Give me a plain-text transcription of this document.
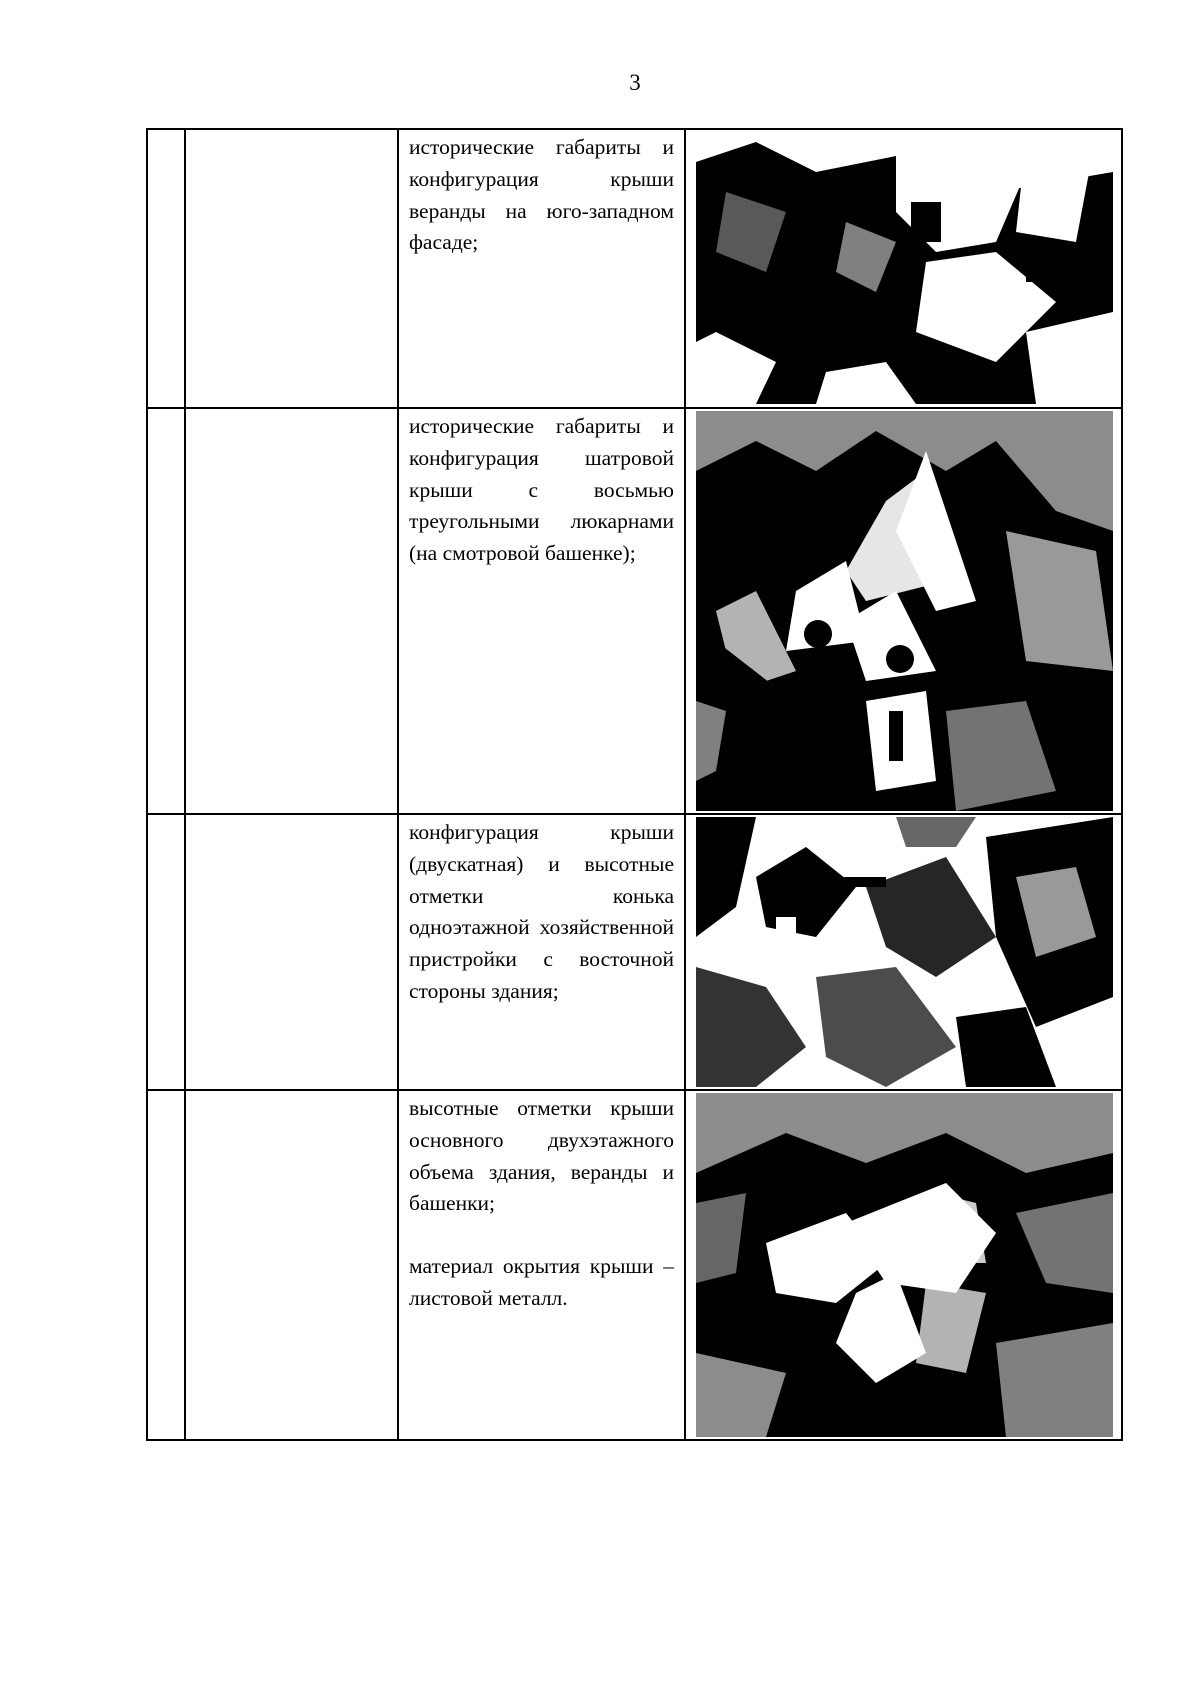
3

		исторические габариты и конфигурация крыши веранды на юго-западном фасаде;

		исторические габариты и конфигурация шатровой крыши с восьмью треугольными люкарнами (на смотровой башенке);

		конфигурация крыши (двускатная) и высотные отметки конька одноэтажной хозяйственной пристройки с восточной стороны здания;

		высотные отметки крыши основного двухэтажного объема здания, веранды и башенки;

материал окрытия крыши – листовой металл.
